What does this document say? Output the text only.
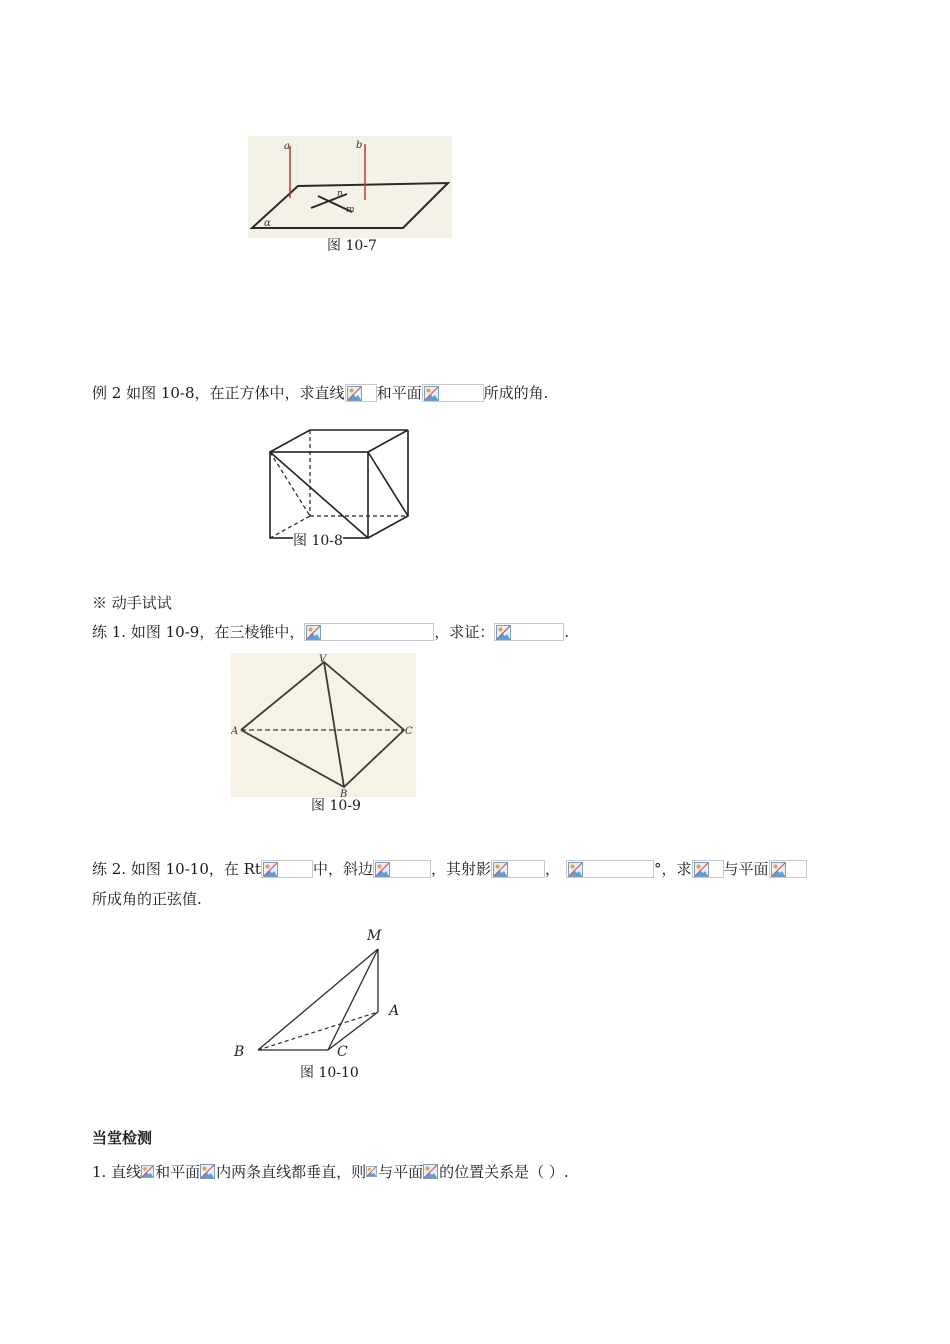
a	b
n
m
α
图 10-7
例 2 如图 10-8，在正方体中，求直线 和平面	所成的角.
图 10-8
※ 动手试试
练 1. 如图 10-9，在三棱锥中，	，求证：	.
V
A	C
B
图 10-9
练 2. 如图 10-10，在 Rt	中，斜边	，其射影	，	°，求 与平面
所成角的正弦值.
M
A
B	C
图 10-10
当堂检测
1. 直线 和平面 内两条直线都垂直，则 与平面 的位置关系是（ ）.
